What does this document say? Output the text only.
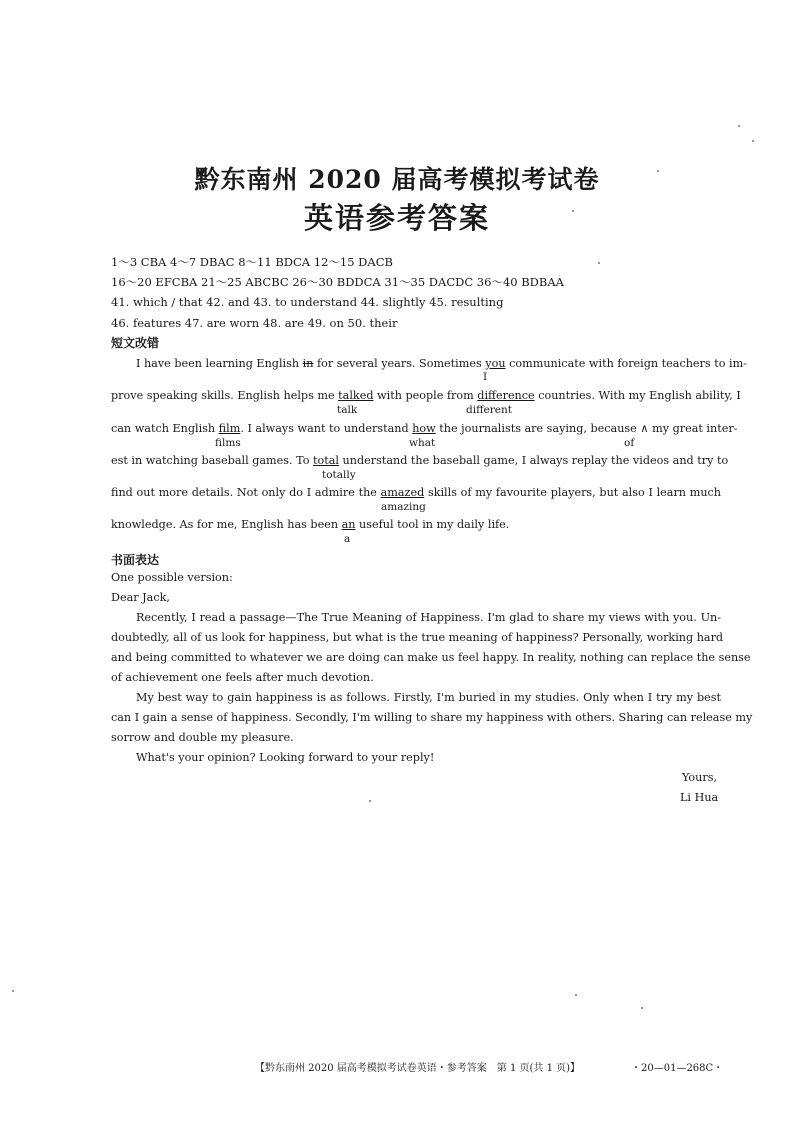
黔东南州 2020 届高考模拟考试卷
英语参考答案
1～3 CBA 4～7 DBAC 8～11 BDCA 12～15 DACB
16～20 EFCBA 21～25 ABCBC 26～30 BDDCA 31～35 DACDC 36～40 BDBAA
41. which / that 42. and 43. to understand 44. slightly 45. resulting
46. features 47. are worn 48. are 49. on 50. their
短文改错
I have been learning English in for several years. Sometimes you communicate with foreign teachers to im-
I
prove speaking skills. English helps me talked with people from difference countries. With my English ability, I
talk	different
can watch English film. I always want to understand how the journalists are saying, because ∧ my great inter-
films	what	of
est in watching baseball games. To total understand the baseball game, I always replay the videos and try to
totally
find out more details. Not only do I admire the amazed skills of my favourite players, but also I learn much
amazing
knowledge. As for me, English has been an useful tool in my daily life.
a
书面表达
One possible version:
Dear Jack,
Recently, I read a passage—The True Meaning of Happiness. I'm glad to share my views with you. Un-
doubtedly, all of us look for happiness, but what is the true meaning of happiness? Personally, working hard
and being committed to whatever we are doing can make us feel happy. In reality, nothing can replace the sense
of achievement one feels after much devotion.
My best way to gain happiness is as follows. Firstly, I'm buried in my studies. Only when I try my best
can I gain a sense of happiness. Secondly, I'm willing to share my happiness with others. Sharing can release my
sorrow and double my pleasure.
What's your opinion? Looking forward to your reply!
Yours,
Li Hua
【黔东南州 2020 届高考模拟考试卷英语・参考答案　第 1 页(共 1 页)】	・20—01—268C・
